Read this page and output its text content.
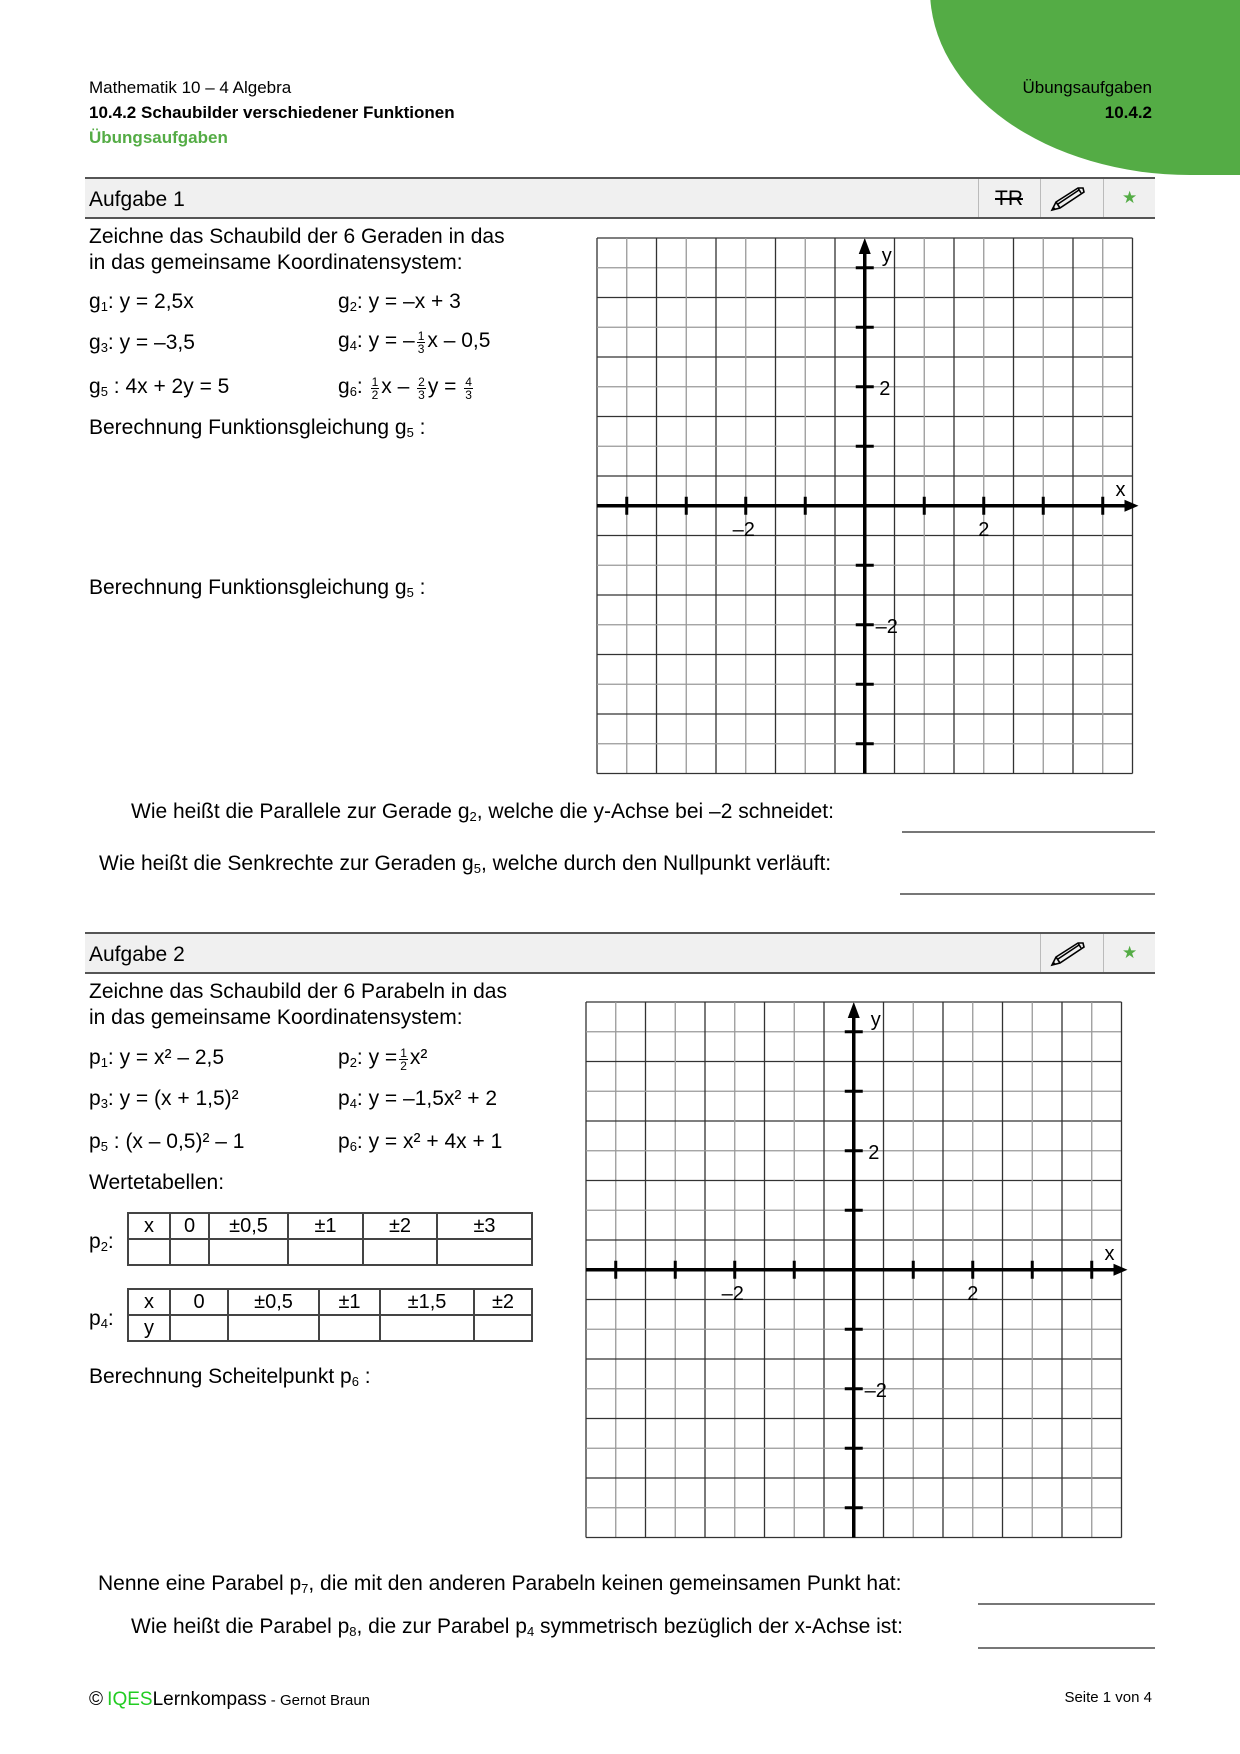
Mathematik 10 – 4 Algebra
10.4.2 Schaubilder verschiedener Funktionen
Übungsaufgaben
Übungsaufgaben
10.4.2
Aufgabe 1	TR	★
Zeichne das Schaubild der 6 Geraden in das
in das gemeinsame Koordinatensystem:
$g_1$: y = 2,5x	$g_2$: y = –x + 3
$g_3$: y = –3,5	$g_4$: y = – $\frac{1}{3}$ x – 0,5
$g_5$ : 4x + 2y = 5	$g_6$: $\frac{1}{2}$ x – $\frac{2}{3}$ $y = \frac{4}{3}$
Berechnung Funktionsgleichung $g_5$ :
Berechnung Funktionsgleichung $g_5$ :
y
x
2
–2
2
–2
Wie heißt die Parallele zur Gerade $g_2$, welche die y-Achse bei –2 schneidet:
Wie heißt die Senkrechte zur Geraden $g_5$, welche durch den Nullpunkt verläuft:
Aufgabe 2	★
Zeichne das Schaubild der 6 Parabeln in das
in das gemeinsame Koordinatensystem:
$p_1$: y = x² – 2,5	$p_2$: $y = \frac{1}{2} x^2$
$p_3$: y = (x + 1,5)²	$p_4$: y = –1,5x² + 2
$p_5$ : (x – 0,5)² – 1	$p_6$: y = x² + 4x + 1
Wertetabellen:
$p_2$:
x	0	±0,5	±1	±2	±3

$p_4$:
x	0	±0,5	±1	±1,5	±2
y					
Berechnung Scheitelpunkt $p_6$ :
y
x
2
–2
2
–2
Nenne eine Parabel $p_7$, die mit den anderen Parabeln keinen gemeinsamen Punkt hat:
Wie heißt die Parabel $p_8$, die zur Parabel $p_4$ symmetrisch bezüglich der x-Achse ist:
© IQESLernkompass - Gernot Braun	Seite 1 von 4
